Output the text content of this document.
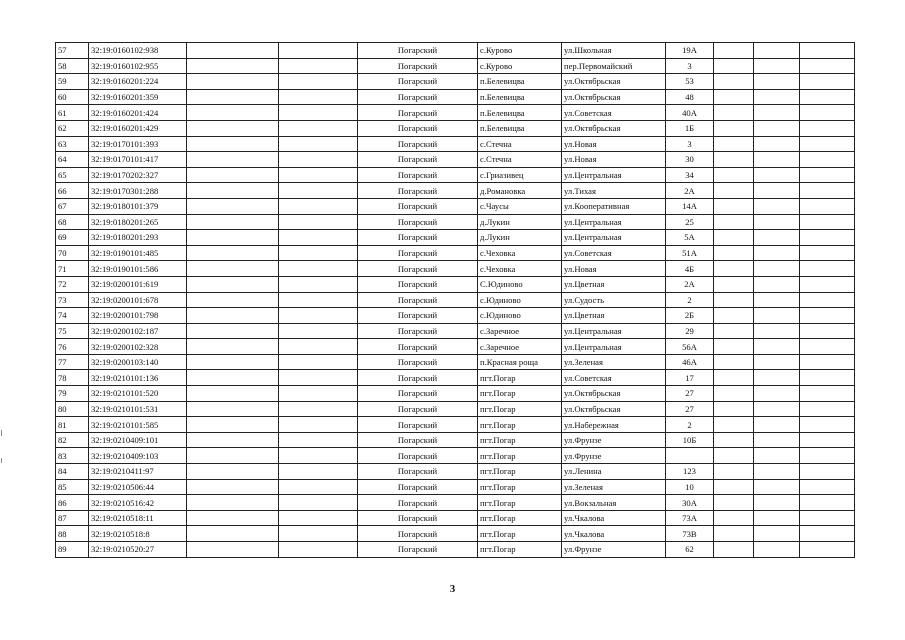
57	32:19:0160102:938			Погарский	с.Курово	ул.Школьная	19А			
58	32:19:0160102:955			Погарский	с.Курово	пер.Первомайский	3			
59	32:19:0160201:224			Погарский	п.Белевицва	ул.Октябрьская	53			
60	32:19:0160201:359			Погарский	п.Белевицва	ул.Октябрьская	48			
61	32:19:0160201:424			Погарский	п.Белевицва	ул.Советская	40А			
62	32:19:0160201:429			Погарский	п.Белевицва	ул.Октябрьская	1Б			
63	32:19:0170101:393			Погарский	с.Стечна	ул.Новая	3			
64	32:19:0170101:417			Погарский	с.Стечна	ул.Новая	30			
65	32:19:0170202:327			Погарский	с.Гриазивец	ул.Центральная	34			
66	32:19:0170301:288			Погарский	д.Романовка	ул.Тихая	2А			
67	32:19:0180101:379			Погарский	с.Чаусы	ул.Кооперативная	14А			
68	32:19:0180201:265			Погарский	д.Лукин	ул.Центральная	25			
69	32:19:0180201:293			Погарский	д.Лукин	ул.Центральная	5А			
70	32:19:0190101:485			Погарский	с.Чеховка	ул.Советская	51А			
71	32:19:0190101:586			Погарский	с.Чеховка	ул.Новая	4Б			
72	32:19:0200101:619			Погарский	С.Юдиново	ул.Цветная	2А			
73	32:19:0200101:678			Погарский	с.Юдиново	ул.Судость	2			
74	32:19:0200101:798			Погарский	с.Юдиново	ул.Цветная	2Б			
75	32:19:0200102:187			Погарский	с.Заречное	ул.Центральная	29			
76	32:19:0200102:328			Погарский	с.Заречное	ул.Центральная	56А			
77	32:19:0200103:140			Погарский	п.Красная роща	ул.Зеленая	46А			
78	32:19:0210101:136			Погарский	пгт.Погар	ул.Советская	17			
79	32:19:0210101:520			Погарский	пгт.Погар	ул.Октябрьская	27			
80	32:19:0210101:531			Погарский	пгт.Погар	ул.Октябрьская	27			
81	32:19:0210101:585			Погарский	пгт.Погар	ул.Набережная	2			
82	32:19:0210409:101			Погарский	пгт.Погар	ул.Фрунзе	10Б			
83	32:19:0210409:103			Погарский	пгт.Погар	ул.Фрунзе				
84	32:19:0210411:97			Погарский	пгт.Погар	ул.Ленина	123			
85	32:19:0210506:44			Погарский	пгт.Погар	ул.Зеленая	10			
86	32:19:0210516:42			Погарский	пгт.Погар	ул.Вокзальная	30А			
87	32:19:0210518:11			Погарский	пгт.Погар	ул.Чкалова	73А			
88	32:19:0210518:8			Погарский	пгт.Погар	ул.Чкалова	73В			
89	32:19:0210520:27			Погарский	пгт.Погар	ул.Фрунзе	62			
3
